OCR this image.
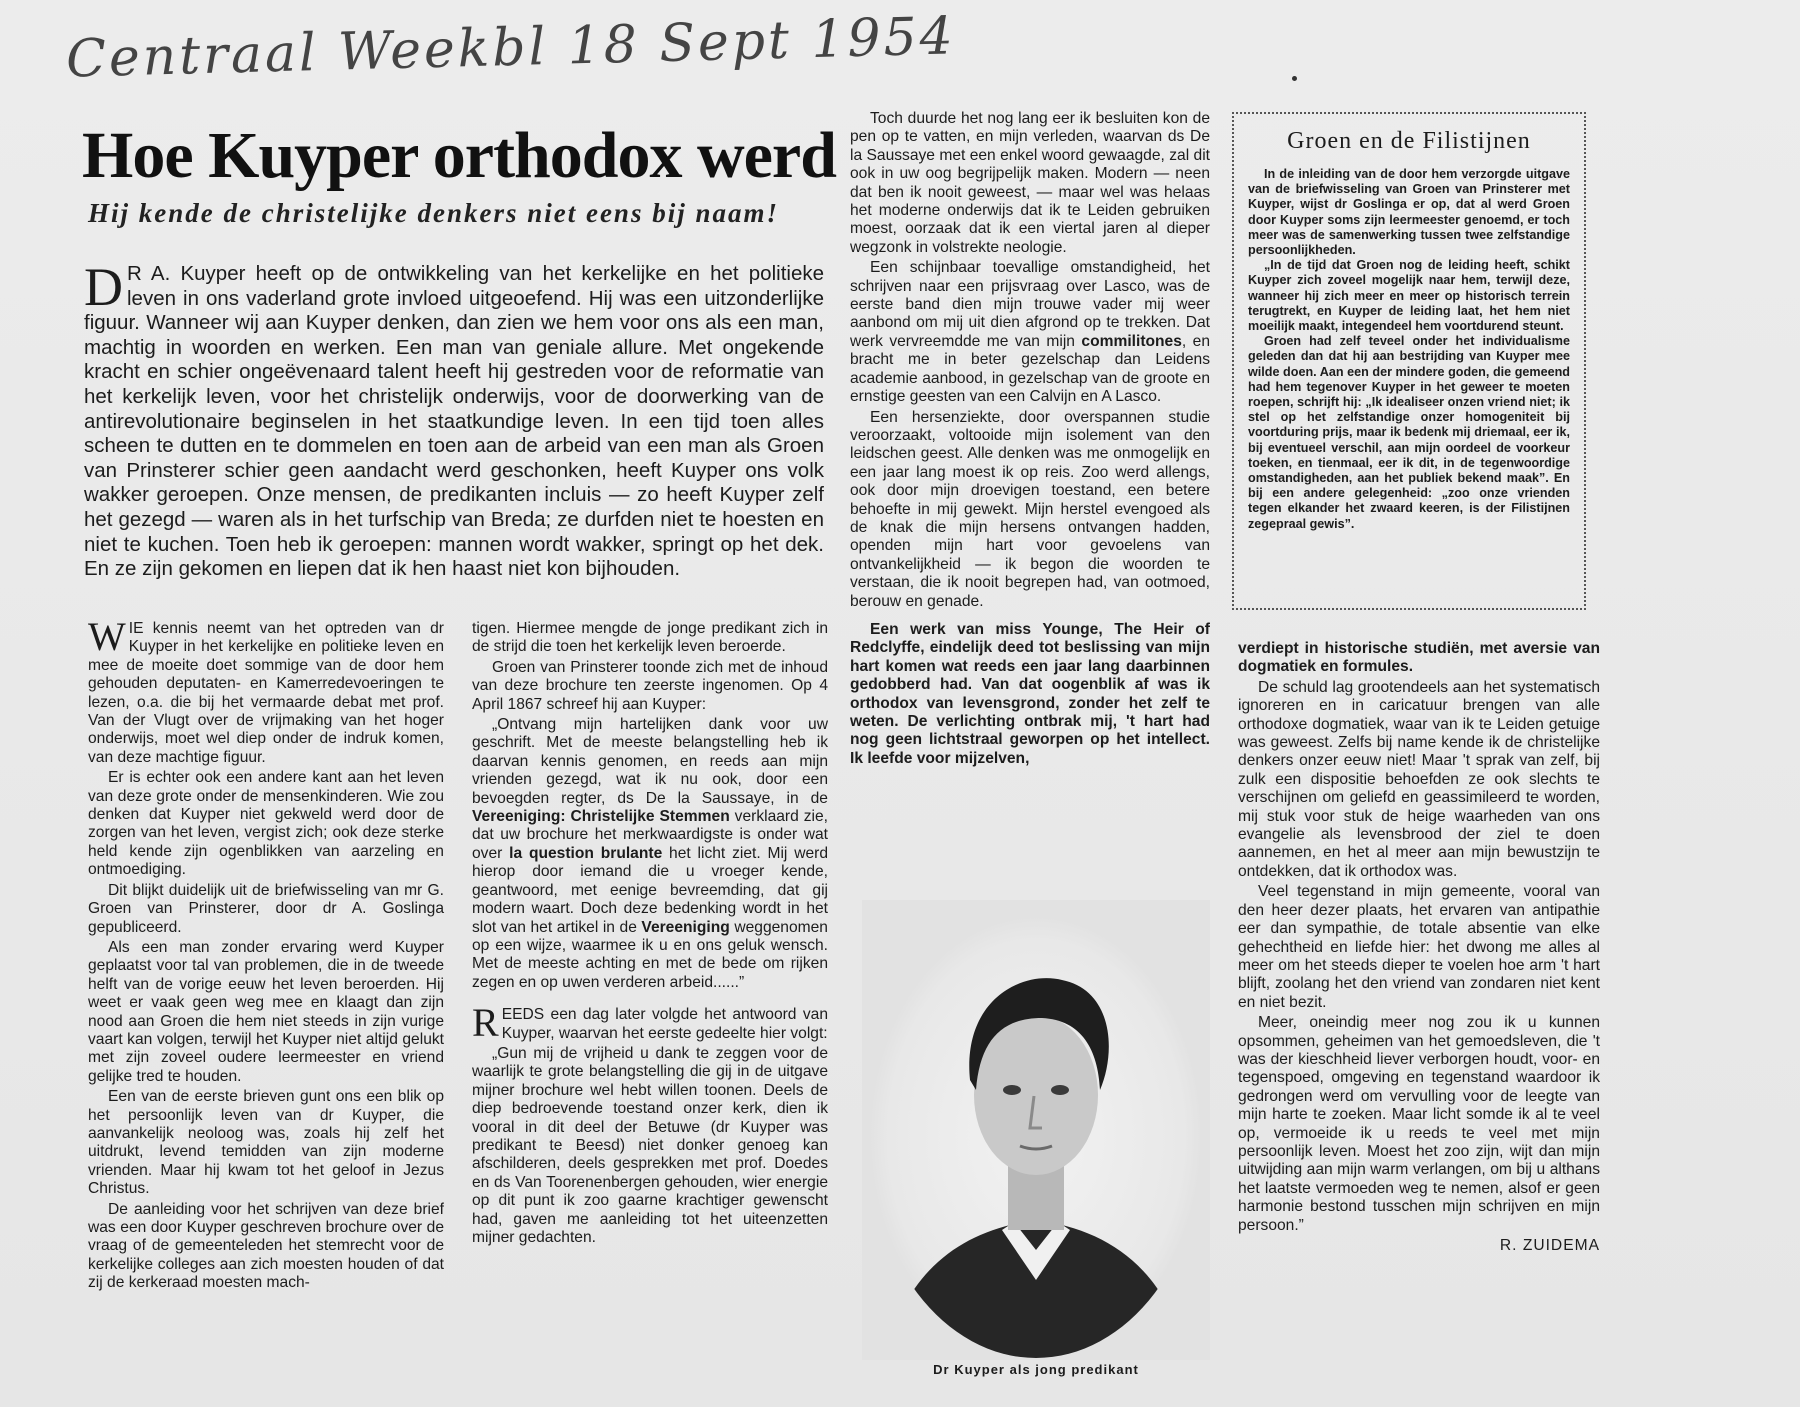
Centraal Weekbl 18 Sept 1954
Hoe Kuyper orthodox werd
Hij kende de christelijke denkers niet eens bij naam!

D R A. Kuyper heeft op de ontwikkeling van het kerkelijke en het politieke leven in ons vaderland grote invloed uitgeoefend. Hij was een uitzonderlijke figuur. Wanneer wij aan Kuyper denken, dan zien we hem voor ons als een man, machtig in woorden en werken. Een man van geniale allure. Met ongekende kracht en schier ongeëvenaard talent heeft hij gestreden voor de reformatie van het kerkelijk leven, voor het christelijk onderwijs, voor de doorwerking van de antirevolutionaire beginselen in het staatkundige leven. In een tijd toen alles scheen te dutten en te dommelen en toen aan de arbeid van een man als Groen van Prinsterer schier geen aandacht werd geschonken, heeft Kuyper ons volk wakker geroepen. Onze mensen, de predikanten incluis — zo heeft Kuyper zelf het gezegd — waren als in het turfschip van Breda; ze durfden niet te hoesten en niet te kuchen. Toen heb ik geroepen: mannen wordt wakker, springt op het dek. En ze zijn gekomen en liepen dat ik hen haast niet kon bijhouden.

WIE kennis neemt van het optreden van dr Kuyper in het kerkelijke en politieke leven en mee de moeite doet sommige van de door hem gehouden deputaten- en Kamerredevoeringen te lezen, o.a. die bij het vermaarde debat met prof. Van der Vlugt over de vrijmaking van het hoger onderwijs, moet wel diep onder de indruk komen, van deze machtige figuur.

Er is echter ook een andere kant aan het leven van deze grote onder de mensenkinderen. Wie zou denken dat Kuyper niet gekweld werd door de zorgen van het leven, vergist zich; ook deze sterke held kende zijn ogenblikken van aarzeling en ontmoediging.

Dit blijkt duidelijk uit de briefwisseling van mr G. Groen van Prinsterer, door dr A. Goslinga gepubliceerd.

Als een man zonder ervaring werd Kuyper geplaatst voor tal van problemen, die in de tweede helft van de vorige eeuw het leven beroerden. Hij weet er vaak geen weg mee en klaagt dan zijn nood aan Groen die hem niet steeds in zijn vurige vaart kan volgen, terwijl het Kuyper niet altijd gelukt met zijn zoveel oudere leermeester en vriend gelijke tred te houden.

Een van de eerste brieven gunt ons een blik op het persoonlijk leven van dr Kuyper, die aanvankelijk neoloog was, zoals hij zelf het uitdrukt, levend temidden van zijn moderne vrienden. Maar hij kwam tot het geloof in Jezus Christus.

De aanleiding voor het schrijven van deze brief was een door Kuyper geschreven brochure over de vraag of de gemeenteleden het stemrecht voor de kerkelijke colleges aan zich moesten houden of dat zij de kerkeraad moesten mach-

tigen. Hiermee mengde de jonge predikant zich in de strijd die toen het kerkelijk leven beroerde.

Groen van Prinsterer toonde zich met de inhoud van deze brochure ten zeerste ingenomen. Op 4 April 1867 schreef hij aan Kuyper:

„Ontvang mijn hartelijken dank voor uw geschrift. Met de meeste belangstelling heb ik daarvan kennis genomen, en reeds aan mijn vrienden gezegd, wat ik nu ook, door een bevoegden regter, ds De la Saussaye, in de Vereeniging: Christelijke Stemmen verklaard zie, dat uw brochure het merkwaardigste is onder wat over la question brulante het licht ziet. Mij werd hierop door iemand die u vroeger kende, geantwoord, met eenige bevreemding, dat gij modern waart. Doch deze bedenking wordt in het slot van het artikel in de Vereeniging weggenomen op een wijze, waarmee ik u en ons geluk wensch. Met de meeste achting en met de bede om rijken zegen en op uwen verderen arbeid......”

REEDS een dag later volgde het antwoord van Kuyper, waarvan het eerste gedeelte hier volgt:

„Gun mij de vrijheid u dank te zeggen voor de waarlijk te grote belangstelling die gij in de uitgave mijner brochure wel hebt willen toonen. Deels de diep bedroevende toestand onzer kerk, dien ik vooral in dit deel der Betuwe (dr Kuyper was predikant te Beesd) niet donker genoeg kan afschilderen, deels gesprekken met prof. Doedes en ds Van Toorenenbergen gehouden, wier energie op dit punt ik zoo gaarne krachtiger gewenscht had, gaven me aanleiding tot het uiteenzetten mijner gedachten.

Toch duurde het nog lang eer ik besluiten kon de pen op te vatten, en mijn verleden, waarvan ds De la Saussaye met een enkel woord gewaagde, zal dit ook in uw oog begrijpelijk maken. Modern — neen dat ben ik nooit geweest, — maar wel was helaas het moderne onderwijs dat ik te Leiden gebruiken moest, oorzaak dat ik een viertal jaren al dieper wegzonk in volstrekte neologie.

Een schijnbaar toevallige omstandigheid, het schrijven naar een prijsvraag over Lasco, was de eerste band dien mijn trouwe vader mij weer aanbond om mij uit dien afgrond op te trekken. Dat werk vervreemdde me van mijn commilitones, en bracht me in beter gezelschap dan Leidens academie aanbood, in gezelschap van de groote en ernstige geesten van een Calvijn en A Lasco.

Een hersenziekte, door overspannen studie veroorzaakt, voltooide mijn isolement van den leidschen geest. Alle denken was me onmogelijk en een jaar lang moest ik op reis. Zoo werd allengs, ook door mijn droevigen toestand, een betere behoefte in mij gewekt. Mijn herstel evengoed als de knak die mijn hersens ontvangen hadden, openden mijn hart voor gevoelens van ontvankelijkheid — ik begon die woorden te verstaan, die ik nooit begrepen had, van ootmoed, berouw en genade.

Een werk van miss Younge, The Heir of Redclyffe, eindelijk deed tot beslissing van mijn hart komen wat reeds een jaar lang daarbinnen gedobberd had. Van dat oogenblik af was ik orthodox van levensgrond, zonder het zelf te weten. De verlichting ontbrak mij, 't hart had nog geen lichtstraal geworpen op het intellect. Ik leefde voor mijzelven,

Groen en de Filistijnen

In de inleiding van de door hem verzorgde uitgave van de briefwisseling van Groen van Prinsterer met Kuyper, wijst dr Goslinga er op, dat al werd Groen door Kuyper soms zijn leermeester genoemd, er toch meer was de samenwerking tussen twee zelfstandige persoonlijkheden.

„In de tijd dat Groen nog de leiding heeft, schikt Kuyper zich zoveel mogelijk naar hem, terwijl deze, wanneer hij zich meer en meer op historisch terrein terugtrekt, en Kuyper de leiding laat, het hem niet moeilijk maakt, integendeel hem voortdurend steunt.

Groen had zelf teveel onder het individualisme geleden dan dat hij aan bestrijding van Kuyper mee wilde doen. Aan een der mindere goden, die gemeend had hem tegenover Kuyper in het geweer te moeten roepen, schrijft hij: „Ik idealiseer onzen vriend niet; ik stel op het zelfstandige onzer homogeniteit bij voortduring prijs, maar ik bedenk mij driemaal, eer ik, bij eventueel verschil, aan mijn oordeel de voorkeur toeken, en tienmaal, eer ik dit, in de tegenwoordige omstandigheden, aan het publiek bekend maak”. En bij een andere gelegenheid: „zoo onze vrienden tegen elkander het zwaard keeren, is der Filistijnen zegepraal gewis”.

Dr Kuyper als jong predikant

verdiept in historische studiën, met aversie van dogmatiek en formules.

De schuld lag grootendeels aan het systematisch ignoreren en in caricatuur brengen van alle orthodoxe dogmatiek, waar van ik te Leiden getuige was geweest. Zelfs bij name kende ik de christelijke denkers onzer eeuw niet! Maar 't sprak van zelf, bij zulk een dispositie behoefden ze ook slechts te verschijnen om geliefd en geassimileerd te worden, mij stuk voor stuk de heige waarheden van ons evangelie als levensbrood der ziel te doen aannemen, en het al meer aan mijn bewustzijn te ontdekken, dat ik orthodox was.

Veel tegenstand in mijn gemeente, vooral van den heer dezer plaats, het ervaren van antipathie eer dan sympathie, de totale absentie van elke gehechtheid en liefde hier: het dwong me alles al meer om het steeds dieper te voelen hoe arm 't hart blijft, zoolang het den vriend van zondaren niet kent en niet bezit.

Meer, oneindig meer nog zou ik u kunnen opsommen, geheimen van het gemoedsleven, die 't was der kieschheid liever verborgen houdt, voor- en tegenspoed, omgeving en tegenstand waardoor ik gedrongen werd om vervulling voor de leegte van mijn harte te zoeken. Maar licht somde ik al te veel op, vermoeide ik u reeds te veel met mijn persoonlijk leven. Moest het zoo zijn, wijt dan mijn uitwijding aan mijn warm verlangen, om bij u althans het laatste vermoeden weg te nemen, alsof er geen harmonie bestond tusschen mijn schrijven en mijn persoon.”

R. ZUIDEMA
